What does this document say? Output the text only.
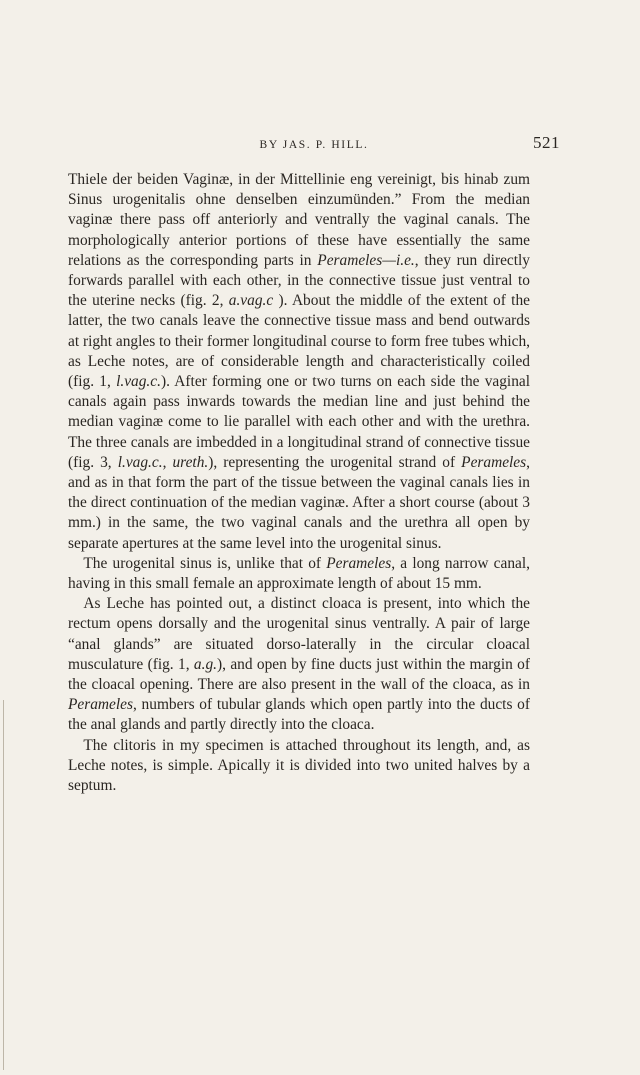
BY JAS. P. HILL.	521

Thiele der beiden Vaginæ, in der Mittellinie eng vereinigt, bis hinab zum Sinus urogenitalis ohne denselben einzumünden.” From the median vaginæ there pass off anteriorly and ventrally the vaginal canals. The morphologically anterior portions of these have essentially the same relations as the corresponding parts in Perameles—i.e., they run directly forwards parallel with each other, in the connective tissue just ventral to the uterine necks (fig. 2, a.vag.c ). About the middle of the extent of the latter, the two canals leave the connective tissue mass and bend outwards at right angles to their former longitudinal course to form free tubes which, as Leche notes, are of considerable length and characteristically coiled (fig. 1, l.vag.c.). After forming one or two turns on each side the vaginal canals again pass inwards towards the median line and just behind the median vaginæ come to lie parallel with each other and with the urethra. The three canals are imbedded in a longitudinal strand of connective tissue (fig. 3, l.vag.c., ureth.), representing the urogenital strand of Perameles, and as in that form the part of the tissue between the vaginal canals lies in the direct continuation of the median vaginæ. After a short course (about 3 mm.) in the same, the two vaginal canals and the urethra all open by separate apertures at the same level into the urogenital sinus.

The urogenital sinus is, unlike that of Perameles, a long narrow canal, having in this small female an approximate length of about 15 mm.

As Leche has pointed out, a distinct cloaca is present, into which the rectum opens dorsally and the urogenital sinus ventrally. A pair of large “anal glands” are situated dorso-laterally in the circular cloacal musculature (fig. 1, a.g.), and open by fine ducts just within the margin of the cloacal opening. There are also present in the wall of the cloaca, as in Perameles, numbers of tubular glands which open partly into the ducts of the anal glands and partly directly into the cloaca.

The clitoris in my specimen is attached throughout its length, and, as Leche notes, is simple. Apically it is divided into two united halves by a septum.
